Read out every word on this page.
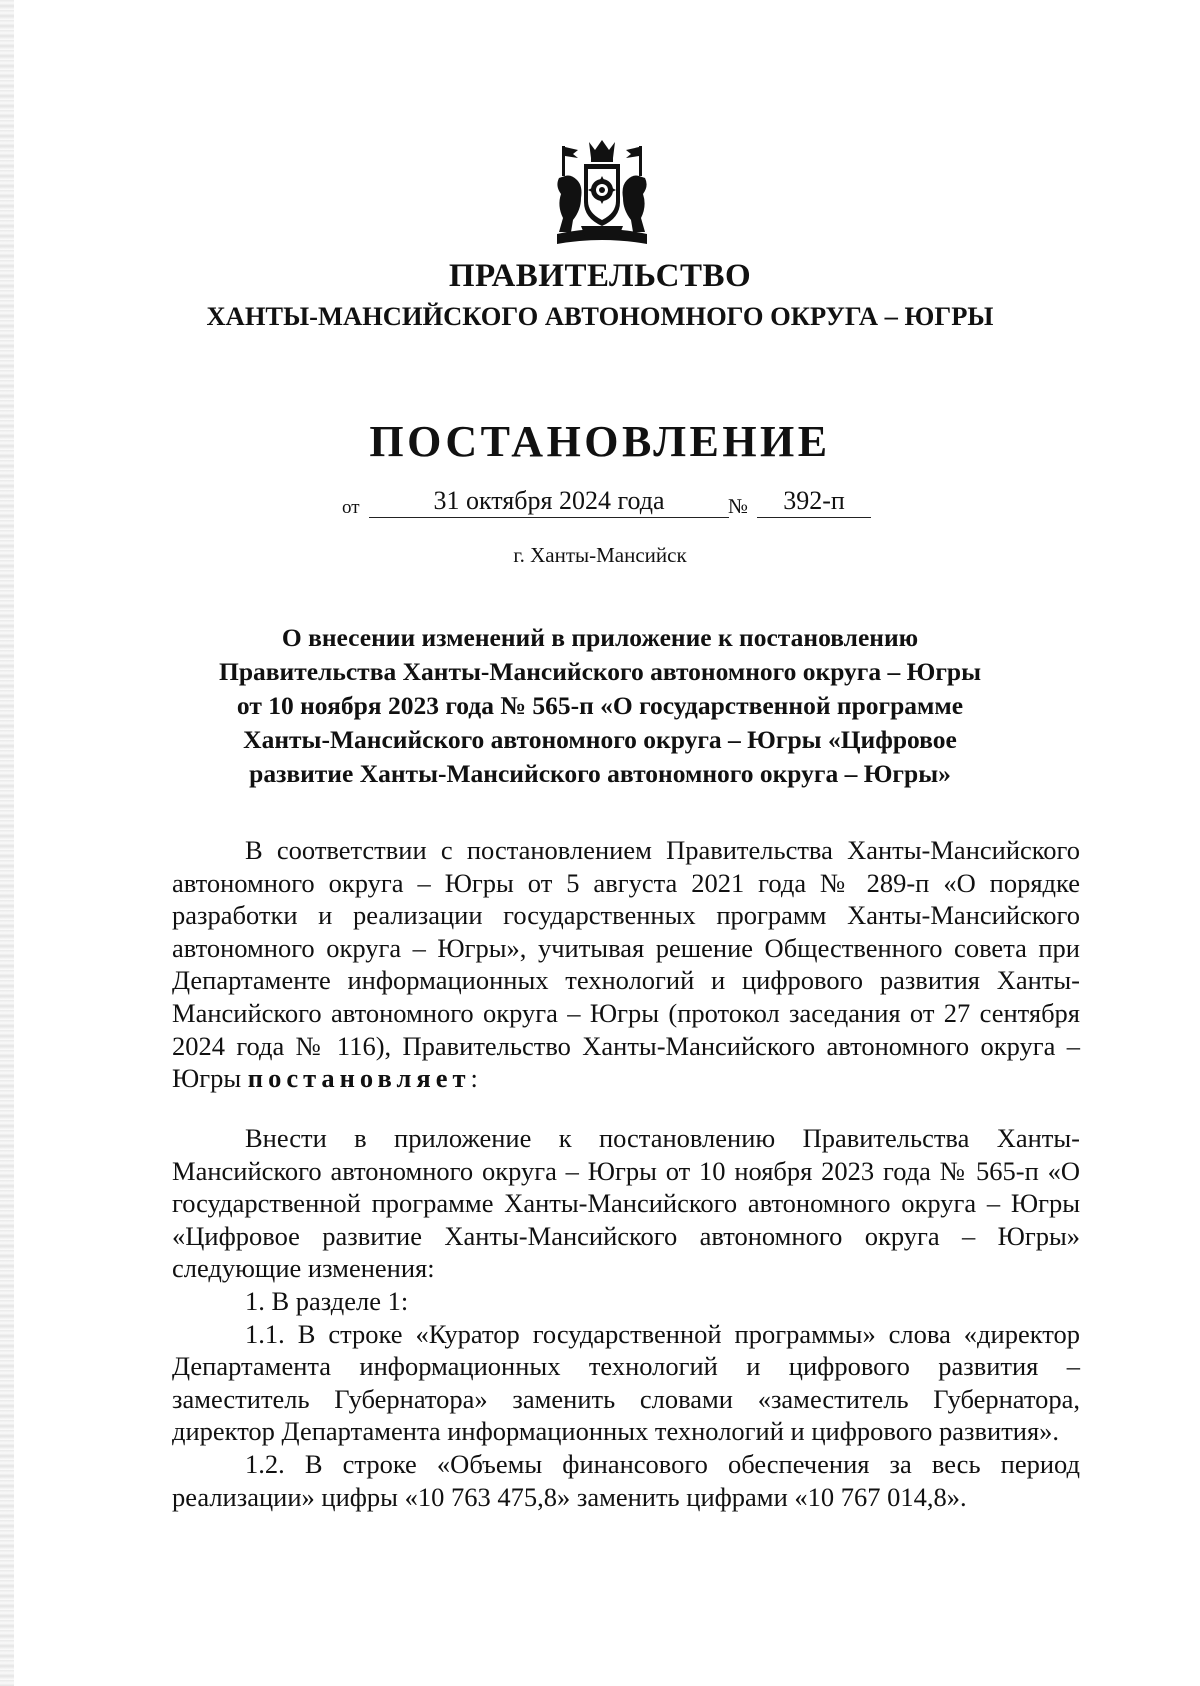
ПРАВИТЕЛЬСТВО
ХАНТЫ-МАНСИЙСКОГО АВТОНОМНОГО ОКРУГА – ЮГРЫ
ПОСТАНОВЛЕНИЕ
от	31 октября 2024 года	№	392-п
г. Ханты-Мансийск
О внесении изменений в приложение к постановлению
Правительства Ханты-Мансийского автономного округа – Югры
от 10 ноября 2023 года № 565-п «О государственной программе
Ханты-Мансийского автономного округа – Югры «Цифровое
развитие Ханты-Мансийского автономного округа – Югры»

В соответствии с постановлением Правительства Ханты-Мансийского автономного округа – Югры от 5 августа 2021 года № 289-п «О порядке разработки и реализации государственных программ Ханты-Мансийского автономного округа – Югры», учитывая решение Общественного совета при Департаменте информационных технологий и цифрового развития Ханты-Мансийского автономного округа – Югры (протокол заседания от 27 сентября 2024 года № 116), Правительство Ханты-Мансийского автономного округа – Югры постановляет:

Внести в приложение к постановлению Правительства Ханты-Мансийского автономного округа – Югры от 10 ноября 2023 года № 565-п «О государственной программе Ханты-Мансийского автономного округа – Югры «Цифровое развитие Ханты-Мансийского автономного округа – Югры» следующие изменения:

1. В разделе 1:

1.1. В строке «Куратор государственной программы» слова «директор Департамента информационных технологий и цифрового развития – заместитель Губернатора» заменить словами «заместитель Губернатора, директор Департамента информационных технологий и цифрового развития».

1.2. В строке «Объемы финансового обеспечения за весь период реализации» цифры «10 763 475,8» заменить цифрами «10 767 014,8».
